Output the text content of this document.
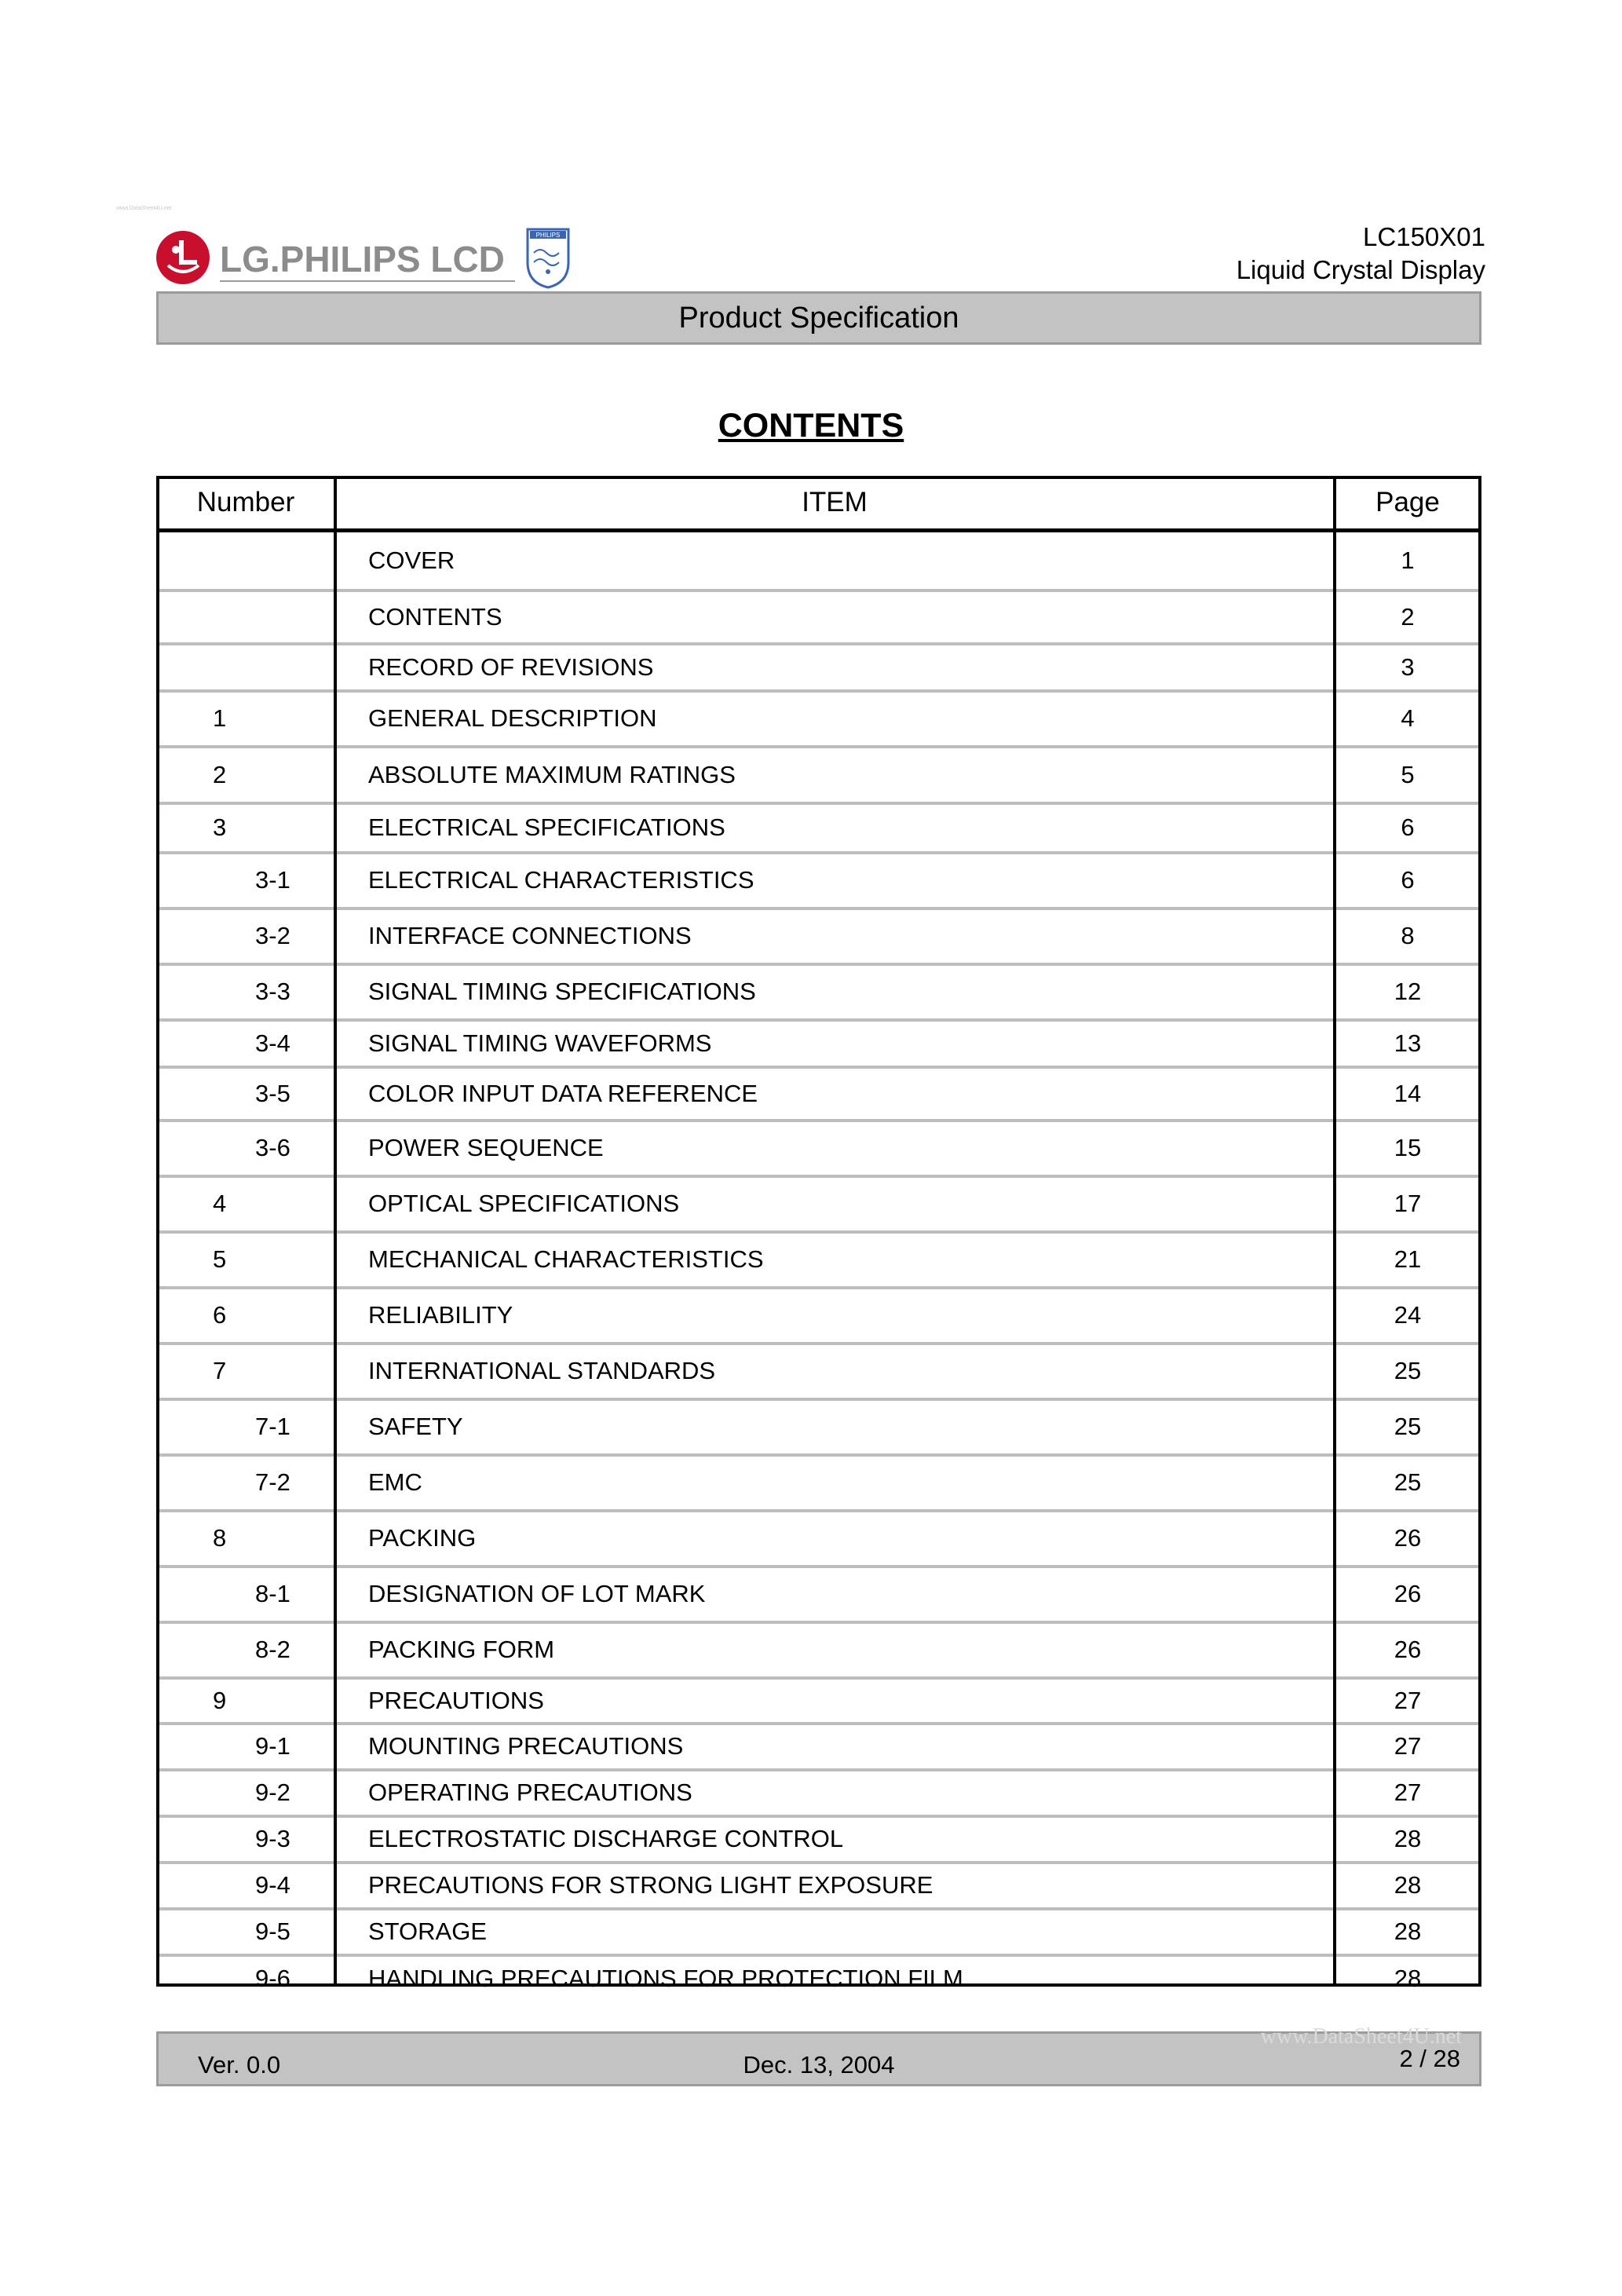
www.DataSheet4U.net
LG.PHILIPS LCD
PHILIPS	LC150X01
Liquid Crystal Display
Product Specification
CONTENTS
Number	ITEM	Page
	COVER	1
	CONTENTS	2
	RECORD OF REVISIONS	3
1	GENERAL DESCRIPTION	4
2	ABSOLUTE MAXIMUM RATINGS	5
3	ELECTRICAL SPECIFICATIONS	6
3-1	ELECTRICAL CHARACTERISTICS	6
3-2	INTERFACE CONNECTIONS	8
3-3	SIGNAL TIMING SPECIFICATIONS	12
3-4	SIGNAL TIMING WAVEFORMS	13
3-5	COLOR INPUT DATA REFERENCE	14
3-6	POWER SEQUENCE	15
4	OPTICAL SPECIFICATIONS	17
5	MECHANICAL CHARACTERISTICS	21
6	RELIABILITY	24
7	INTERNATIONAL STANDARDS	25
7-1	SAFETY	25
7-2	EMC	25
8	PACKING	26
8-1	DESIGNATION OF LOT MARK	26
8-2	PACKING FORM	26
9	PRECAUTIONS	27
9-1	MOUNTING PRECAUTIONS	27
9-2	OPERATING PRECAUTIONS	27
9-3	ELECTROSTATIC DISCHARGE CONTROL	28
9-4	PRECAUTIONS FOR STRONG LIGHT EXPOSURE	28
9-5	STORAGE	28
9-6	HANDLING PRECAUTIONS FOR PROTECTION FILM	28
www.DataSheet4U.net
Ver. 0.0	Dec. 13, 2004	2 / 28
